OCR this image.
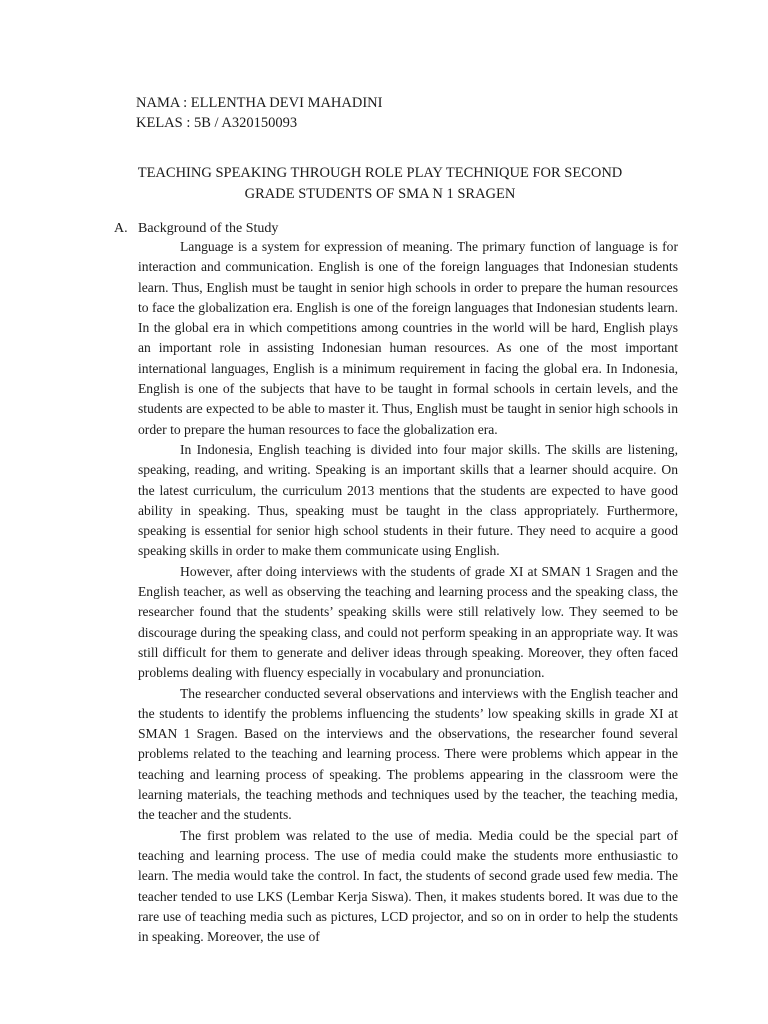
NAMA : ELLENTHA DEVI MAHADINI
KELAS : 5B / A320150093
TEACHING SPEAKING THROUGH ROLE PLAY TECHNIQUE FOR SECOND
GRADE STUDENTS OF SMA N 1 SRAGEN
A. Background of the Study

Language is a system for expression of meaning. The primary function of language is for interaction and communication. English is one of the foreign languages that Indonesian students learn. Thus, English must be taught in senior high schools in order to prepare the human resources to face the globalization era. English is one of the foreign languages that Indonesian students learn. In the global era in which competitions among countries in the world will be hard, English plays an important role in assisting Indonesian human resources. As one of the most important international languages, English is a minimum requirement in facing the global era. In Indonesia, English is one of the subjects that have to be taught in formal schools in certain levels, and the students are expected to be able to master it. Thus, English must be taught in senior high schools in order to prepare the human resources to face the globalization era.

In Indonesia, English teaching is divided into four major skills. The skills are listening, speaking, reading, and writing. Speaking is an important skills that a learner should acquire. On the latest curriculum, the curriculum 2013 mentions that the students are expected to have good ability in speaking. Thus, speaking must be taught in the class appropriately. Furthermore, speaking is essential for senior high school students in their future. They need to acquire a good speaking skills in order to make them communicate using English.

However, after doing interviews with the students of grade XI at SMAN 1 Sragen and the English teacher, as well as observing the teaching and learning process and the speaking class, the researcher found that the students’ speaking skills were still relatively low. They seemed to be discourage during the speaking class, and could not perform speaking in an appropriate way. It was still difficult for them to generate and deliver ideas through speaking. Moreover, they often faced problems dealing with fluency especially in vocabulary and pronunciation.

The researcher conducted several observations and interviews with the English teacher and the students to identify the problems influencing the students’ low speaking skills in grade XI at SMAN 1 Sragen. Based on the interviews and the observations, the researcher found several problems related to the teaching and learning process. There were problems which appear in the teaching and learning process of speaking. The problems appearing in the classroom were the learning materials, the teaching methods and techniques used by the teacher, the teaching media, the teacher and the students.

The first problem was related to the use of media. Media could be the special part of teaching and learning process. The use of media could make the students more enthusiastic to learn. The media would take the control. In fact, the students of second grade used few media. The teacher tended to use LKS (Lembar Kerja Siswa). Then, it makes students bored. It was due to the rare use of teaching media such as pictures, LCD projector, and so on in order to help the students in speaking. Moreover, the use of
